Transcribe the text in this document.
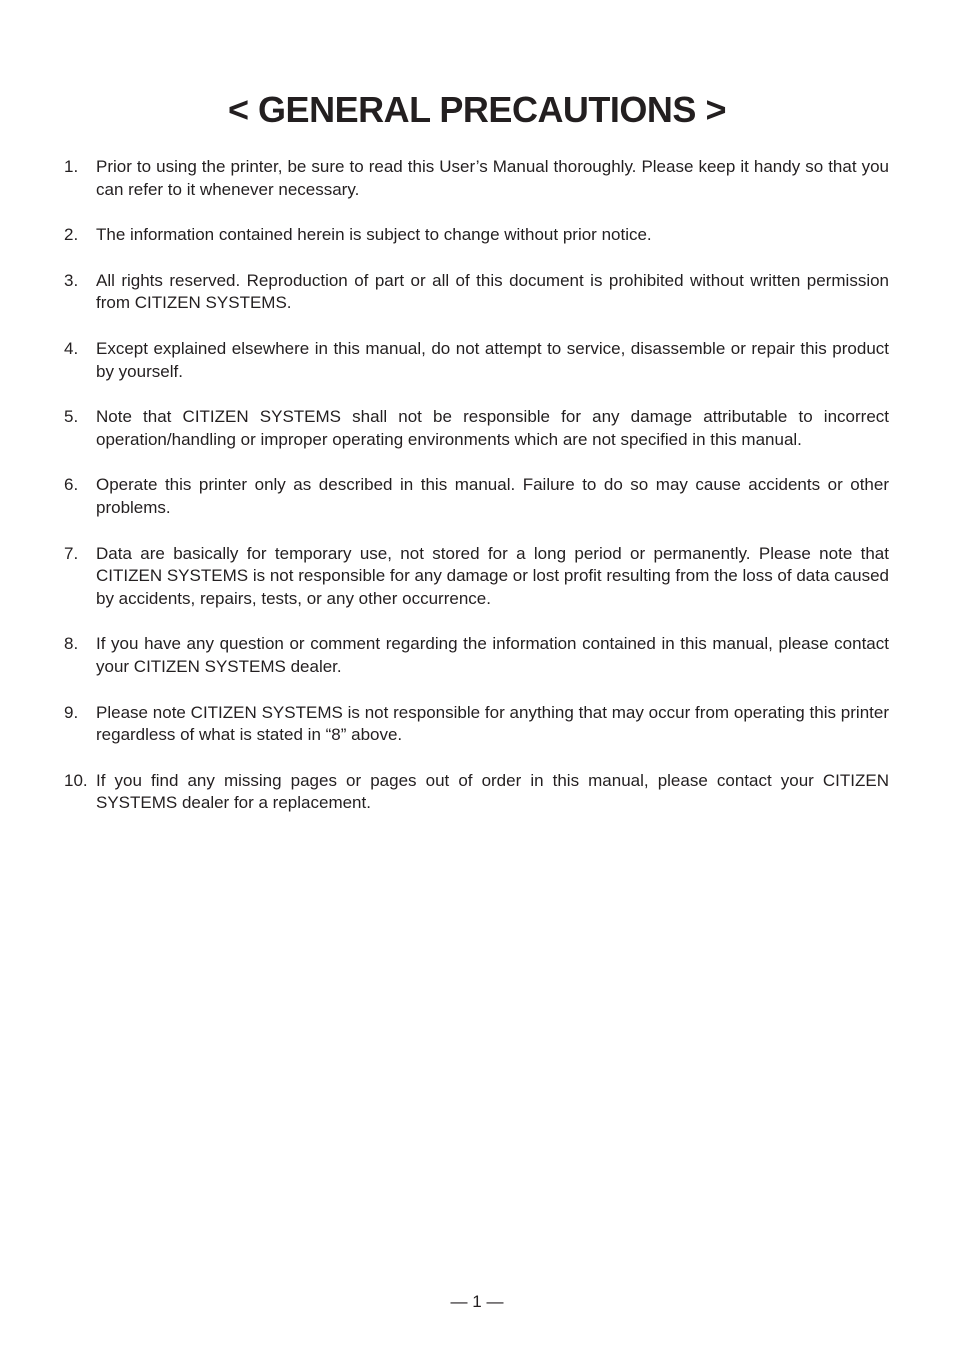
< GENERAL PRECAUTIONS >
1.	Prior to using the printer, be sure to read this User’s Manual thoroughly. Please keep it handy so that you can refer to it whenever necessary.
2.	The information contained herein is subject to change without prior notice.
3.	All rights reserved. Reproduction of part or all of this document is prohibited without written permission from CITIZEN SYSTEMS.
4.	Except explained elsewhere in this manual, do not attempt to service, disassemble or repair this product by yourself.
5.	Note that CITIZEN SYSTEMS shall not be responsible for any damage attributable to incorrect operation/handling or improper operating environments which are not specified in this manual.
6.	Operate this printer only as described in this manual. Failure to do so may cause accidents or other problems.
7.	Data are basically for temporary use, not stored for a long period or permanently. Please note that CITIZEN SYSTEMS is not responsible for any damage or lost profit resulting from the loss of data caused by accidents, repairs, tests, or any other occurrence.
8.	If you have any question or comment regarding the information contained in this manual, please contact your CITIZEN SYSTEMS dealer.
9.	Please note CITIZEN SYSTEMS is not responsible for anything that may occur from operating this printer regardless of what is stated in “8” above.
10. If you find any missing pages or pages out of order in this manual, please contact your CITIZEN SYSTEMS dealer for a replacement.
— 1 —
